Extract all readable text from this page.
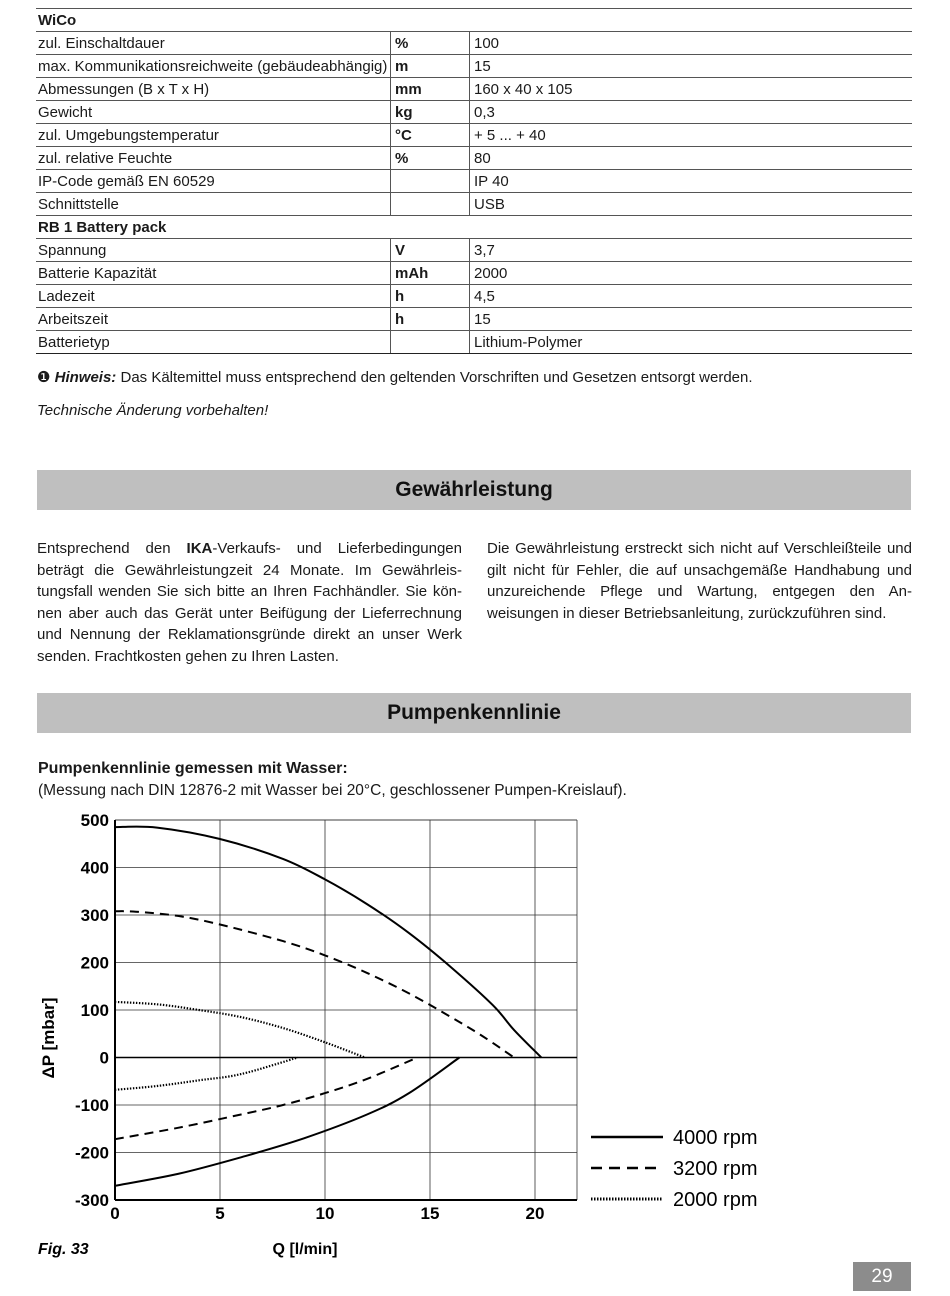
WiCo		
zul. Einschaltdauer	%	100
max. Kommunikationsreichweite (gebäudeabhängig)	m	15
Abmessungen (B x T x H)	mm	160 x 40 x 105
Gewicht	kg	0,3
zul. Umgebungstemperatur	°C	+ 5 ... + 40
zul. relative Feuchte	%	80
IP-Code gemäß EN 60529		IP 40
Schnittstelle		USB
RB 1 Battery pack		
Spannung	V	3,7
Batterie Kapazität	mAh	2000
Ladezeit	h	4,5
Arbeitszeit	h	15
Batterietyp		Lithium-Polymer
❶ Hinweis: Das Kältemittel muss entsprechend den geltenden Vorschriften und Gesetzen entsorgt werden.
Technische Änderung vorbehalten!
Gewährleistung
Entsprechend den IKA-Verkaufs- und Lieferbedingungen beträgt die Gewährleistungzeit 24 Monate. Im Gewährleistungsfall wenden Sie sich bitte an Ihren Fachhändler. Sie können aber auch das Gerät unter Beifügung der Lieferrechnung und Nennung der Reklamationsgründe direkt an unser Werk senden. Frachtkosten gehen zu Ihren Lasten.
Die Gewährleistung erstreckt sich nicht auf Verschleißteile und gilt nicht für Fehler, die auf unsachgemäße Handhabung und unzureichende Pflege und Wartung, entgegen den Anweisungen in dieser Betriebsanleitung, zurückzuführen sind.
Pumpenkennlinie
Pumpenkennlinie gemessen mit Wasser:
(Messung nach DIN 12876-2 mit Wasser bei 20°C, geschlossener Pumpen-Kreislauf).
500
400
300
200
100
0
-100
-200
-300
0	5	10	15	20
ΔP [mbar]
Q [l/min]
Fig. 33
4000 rpm
3200 rpm
2000 rpm
29
